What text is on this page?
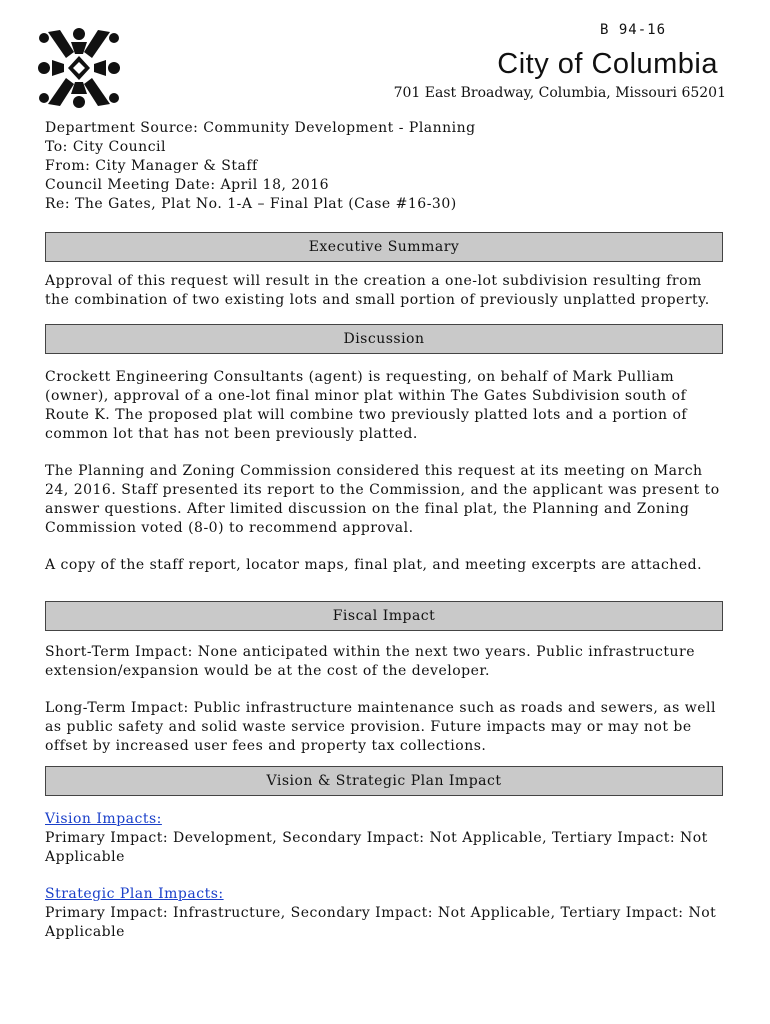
B 94-16
City of Columbia
701 East Broadway, Columbia, Missouri 65201

Department Source: Community Development - Planning

To: City Council

From: City Manager & Staff

Council Meeting Date: April 18, 2016

Re: The Gates, Plat No. 1-A – Final Plat (Case #16-30)

Executive Summary

Approval of this request will result in the creation a one-lot subdivision resulting from the combination of two existing lots and small portion of previously unplatted property.

Discussion

Crockett Engineering Consultants (agent) is requesting, on behalf of Mark Pulliam (owner), approval of a one-lot final minor plat within The Gates Subdivision south of Route K. The proposed plat will combine two previously platted lots and a portion of common lot that has not been previously platted.

The Planning and Zoning Commission considered this request at its meeting on March 24, 2016. Staff presented its report to the Commission, and the applicant was present to answer questions. After limited discussion on the final plat, the Planning and Zoning Commission voted (8-0) to recommend approval.

A copy of the staff report, locator maps, final plat, and meeting excerpts are attached.

Fiscal Impact

Short-Term Impact: None anticipated within the next two years. Public infrastructure extension/expansion would be at the cost of the developer.

Long-Term Impact: Public infrastructure maintenance such as roads and sewers, as well as public safety and solid waste service provision. Future impacts may or may not be offset by increased user fees and property tax collections.

Vision & Strategic Plan Impact

Vision Impacts:

Primary Impact: Development, Secondary Impact: Not Applicable, Tertiary Impact: Not Applicable

Strategic Plan Impacts:

Primary Impact: Infrastructure, Secondary Impact: Not Applicable, Tertiary Impact: Not Applicable
